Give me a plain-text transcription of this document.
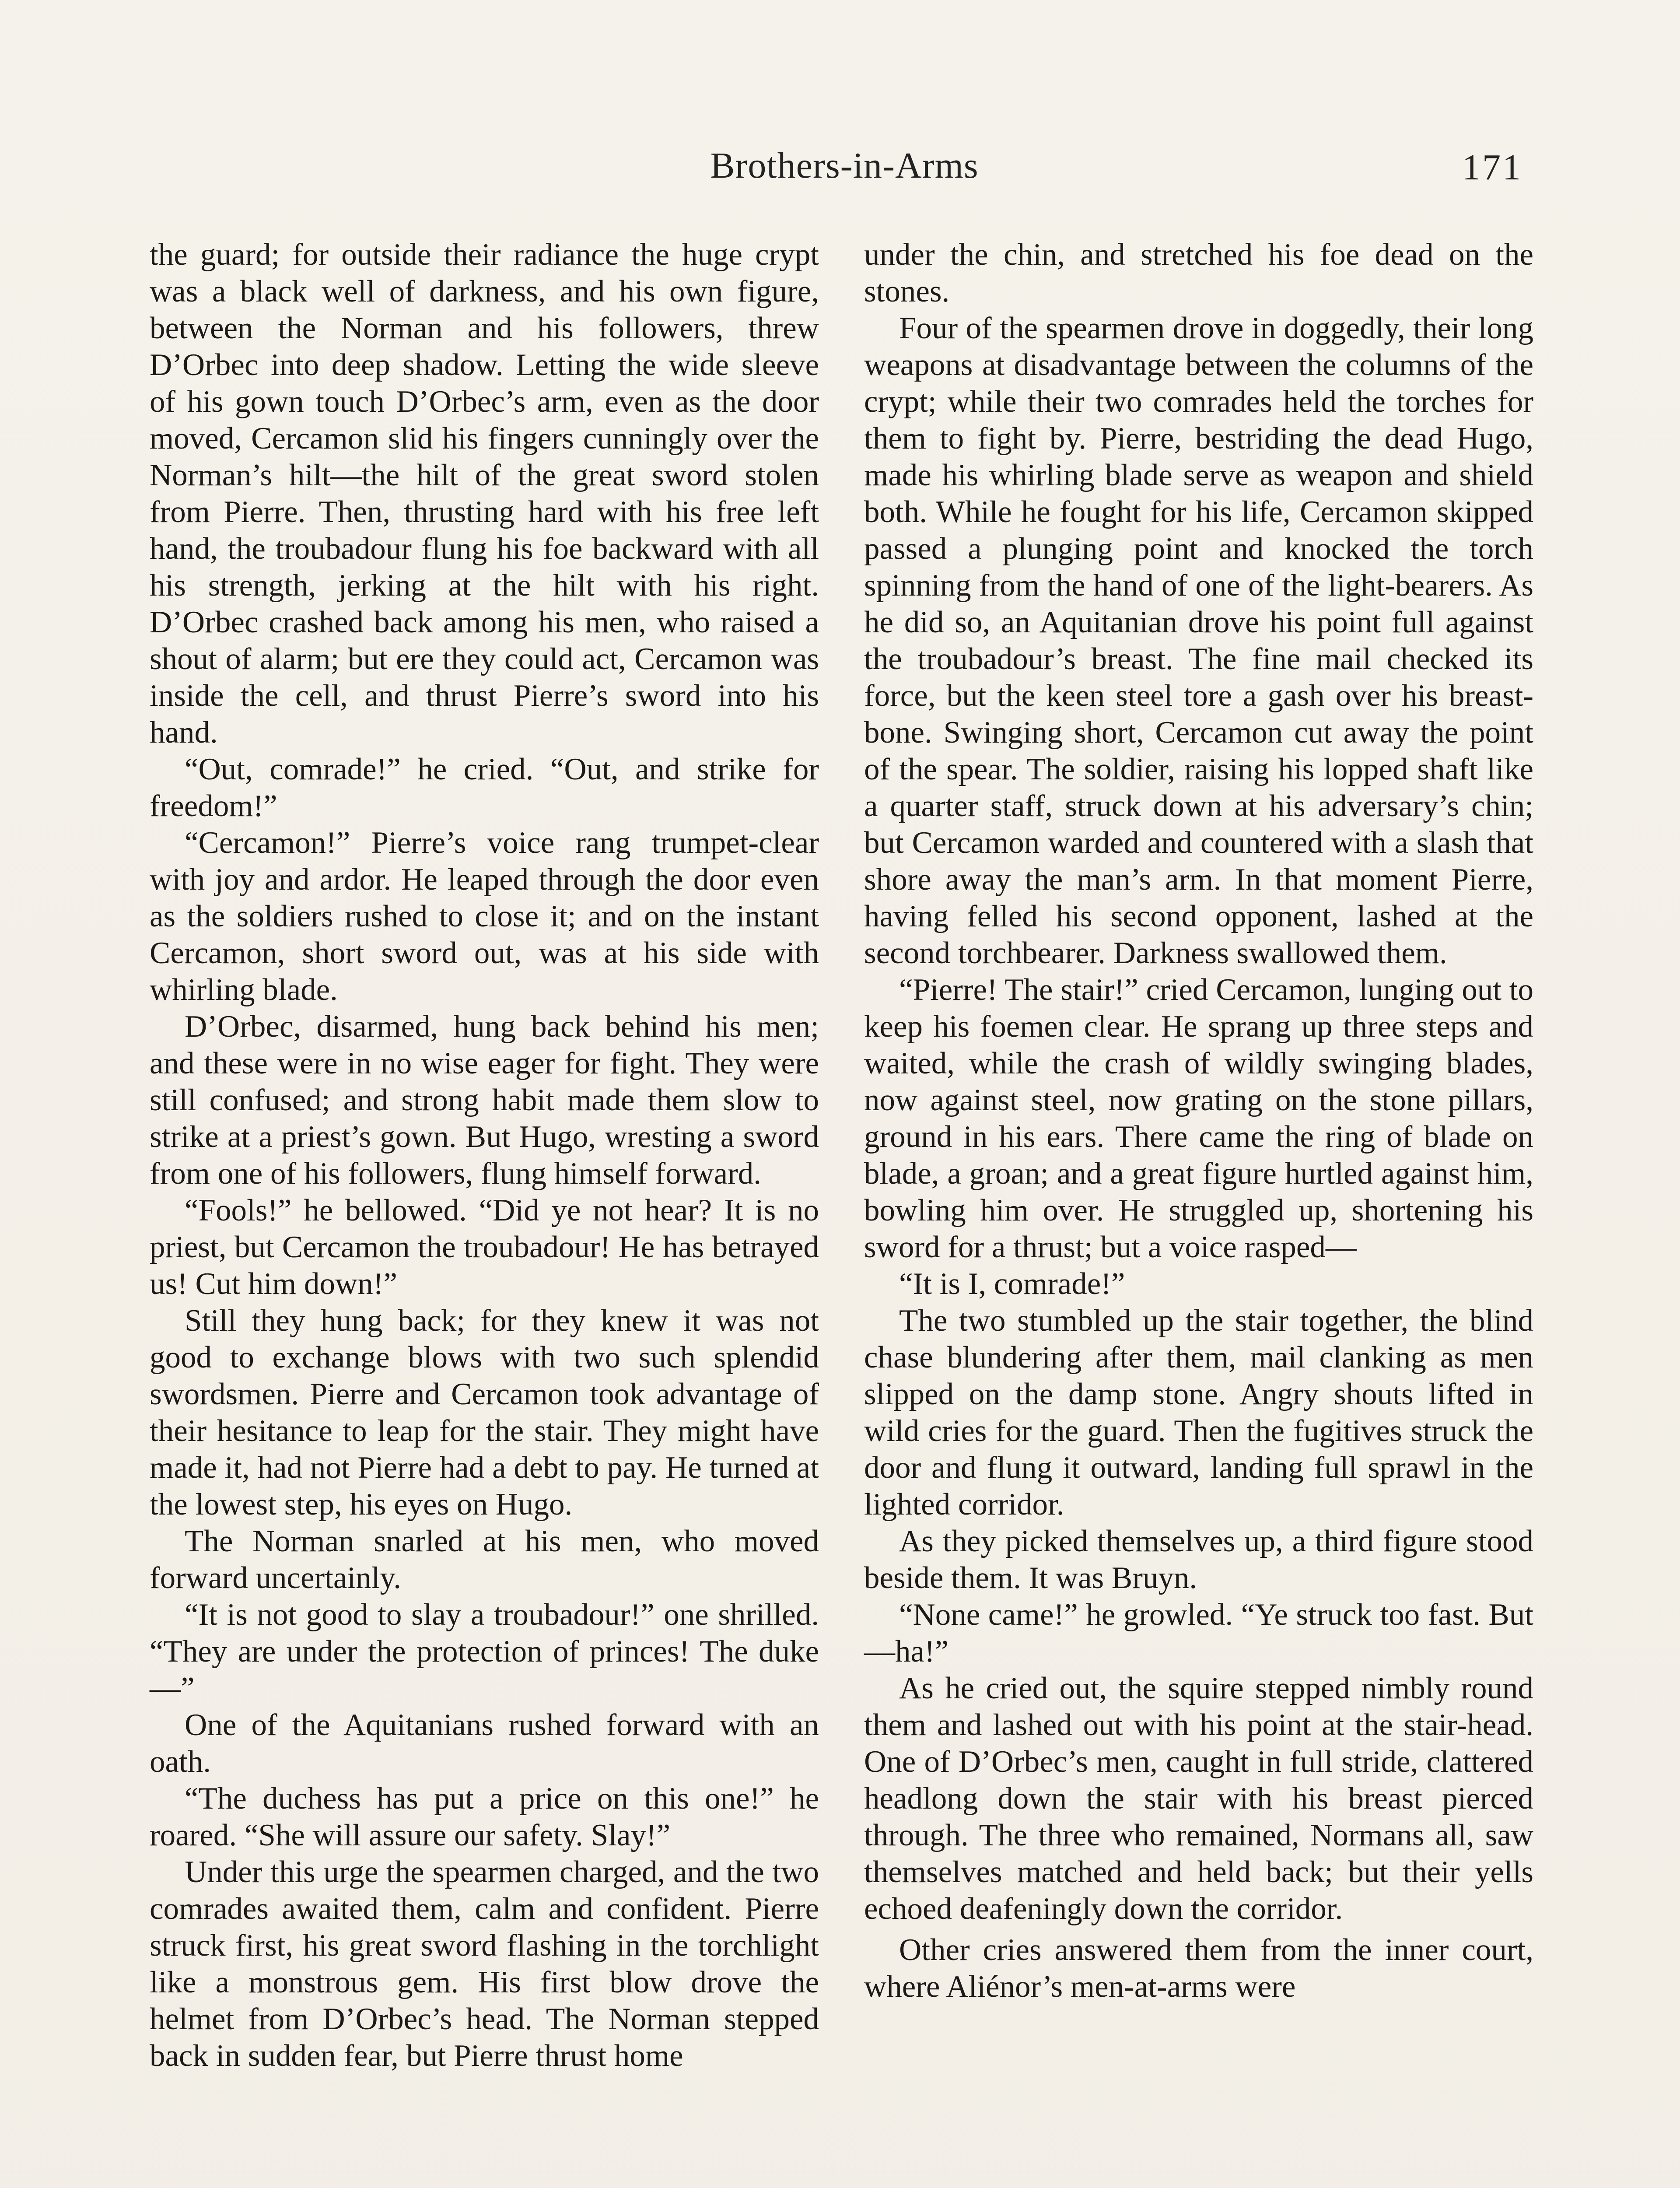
Brothers-in-Arms	171

the guard; for outside their radiance the huge crypt was a black well of darkness, and his own figure, between the Norman and his followers, threw D’Orbec into deep shadow. Letting the wide sleeve of his gown touch D’Orbec’s arm, even as the door moved, Cercamon slid his fingers cunningly over the Norman’s hilt—the hilt of the great sword stolen from Pierre. Then, thrusting hard with his free left hand, the troubadour flung his foe backward with all his strength, jerking at the hilt with his right. D’Orbec crashed back among his men, who raised a shout of alarm; but ere they could act, Cercamon was inside the cell, and thrust Pierre’s sword into his hand.

“Out, comrade!” he cried. “Out, and strike for freedom!”

“Cercamon!” Pierre’s voice rang trumpet-clear with joy and ardor. He leaped through the door even as the soldiers rushed to close it; and on the instant Cercamon, short sword out, was at his side with whirling blade.

D’Orbec, disarmed, hung back behind his men; and these were in no wise eager for fight. They were still confused; and strong habit made them slow to strike at a priest’s gown. But Hugo, wresting a sword from one of his followers, flung himself forward.

“Fools!” he bellowed. “Did ye not hear? It is no priest, but Cercamon the troubadour! He has betrayed us! Cut him down!”

Still they hung back; for they knew it was not good to exchange blows with two such splendid swordsmen. Pierre and Cercamon took advantage of their hesitance to leap for the stair. They might have made it, had not Pierre had a debt to pay. He turned at the lowest step, his eyes on Hugo.

The Norman snarled at his men, who moved forward uncertainly.

“It is not good to slay a troubadour!” one shrilled. “They are under the protection of princes! The duke—”

One of the Aquitanians rushed forward with an oath.

“The duchess has put a price on this one!” he roared. “She will assure our safety. Slay!”

Under this urge the spearmen charged, and the two comrades awaited them, calm and confident. Pierre struck first, his great sword flashing in the torchlight like a monstrous gem. His first blow drove the helmet from D’Orbec’s head. The Norman stepped back in sudden fear, but Pierre thrust home

under the chin, and stretched his foe dead on the stones.

Four of the spearmen drove in doggedly, their long weapons at disadvantage between the columns of the crypt; while their two comrades held the torches for them to fight by. Pierre, bestriding the dead Hugo, made his whirling blade serve as weapon and shield both. While he fought for his life, Cercamon skipped passed a plunging point and knocked the torch spinning from the hand of one of the light-bearers. As he did so, an Aquitanian drove his point full against the troubadour’s breast. The fine mail checked its force, but the keen steel tore a gash over his breast-bone. Swinging short, Cercamon cut away the point of the spear. The soldier, raising his lopped shaft like a quarter staff, struck down at his adversary’s chin; but Cercamon warded and countered with a slash that shore away the man’s arm. In that moment Pierre, having felled his second opponent, lashed at the second torchbearer. Darkness swallowed them.

“Pierre! The stair!” cried Cercamon, lunging out to keep his foemen clear. He sprang up three steps and waited, while the crash of wildly swinging blades, now against steel, now grating on the stone pillars, ground in his ears. There came the ring of blade on blade, a groan; and a great figure hurtled against him, bowling him over. He struggled up, shortening his sword for a thrust; but a voice rasped—

“It is I, comrade!”

The two stumbled up the stair together, the blind chase blundering after them, mail clanking as men slipped on the damp stone. Angry shouts lifted in wild cries for the guard. Then the fugitives struck the door and flung it outward, landing full sprawl in the lighted corridor.

As they picked themselves up, a third figure stood beside them. It was Bruyn.

“None came!” he growled. “Ye struck too fast. But—ha!”

As he cried out, the squire stepped nimbly round them and lashed out with his point at the stair-head. One of D’Orbec’s men, caught in full stride, clattered headlong down the stair with his breast pierced through. The three who remained, Normans all, saw themselves matched and held back; but their yells echoed deafeningly down the corridor.

Other cries answered them from the inner court, where Aliénor’s men-at-arms were
